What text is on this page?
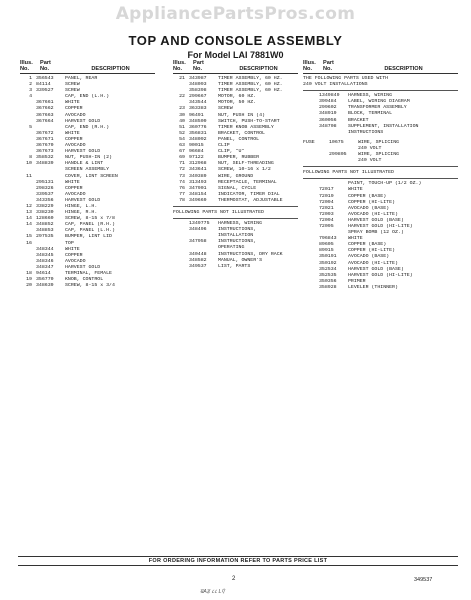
AppliancePartsPros.com
TOP AND CONSOLE ASSEMBLY
For Model LAI 7881W0
Illus.
No.
Part
No.
	DESCRIPTION
1 356543	PANEL, REAR
2 84114	SCREW
3 339527	SCREW
4	CAP, END (L.H.)
367661	WHITE
367662	COPPER
367663	AVOCADO
367664	HARVEST GOLD
5	CAP, END (R.H.)
367672	WHITE
367671	COPPER
367670	AVOCADO
367673	HARVEST GOLD
8 358532	NUT, PUSH-IN (2)
10 348839	HANDLE & LINT
SCREEN ASSEMBLY
11	COVER, LINT SCREEN
295131	WHITE
298326	COPPER
339537	AVOCADO
343356	HARVEST GOLD
12 338229	HINGE, L.H.
13 338230	HINGE, R.H.
14 128660	SCREW, 8-15 x 7/8
14 348852	CAP, PANEL (R.H.)
348853	CAP, PANEL (L.H.)
15 297535	BUMPER, LINT LID
16	TOP
348344	WHITE
348345	COPPER
348346	AVOCADO
348347	HARVEST GOLD
18 94614	TERMINAL, FEMALE
19 356770	KNOB, CONTROL
20 348639	SCREW, 8-15 x 3/4
Illus.
No.
Part
No.
	DESCRIPTION
21 343987	TIMER ASSEMBLY, 60 HZ.
348093	TIMER ASSEMBLY, 60 HZ.
358398	TIMER ASSEMBLY, 60 HZ.
22 299667	MOTOR, 60 HZ.
343544	MOTOR, 50 HZ.
23 363383	SCREW
30 96491	NUT, PUSH IN (4)
40 348509	SWITCH, PUSH-TO-START
51 360776	TIMER KNOB ASSEMBLY
52 356831	BRACKET, CONTROL
54 348092	PANEL, CONTROL
63 90015	CLIP
67 96684	CLIP, "U"
69 97122	BUMPER, RUBBER
71 312968	NUT, SELF-THREADING
72 343641	SCREW, 10-16 x 1/2
73 340389	WIRE, GROUND
74 313493	RECEPTACLE, TERMINAL
76 347901	SIGNAL, CYCLE
77 348154	INDICATOR, TIMER DIAL
78 349669	THERMOSTAT, ADJUSTABLE
FOLLOWING PARTS NOT ILLUSTRATED
1349775	HARNESS, WIRING
348496	INSTRUCTIONS,
INSTALLATION
347958	INSTRUCTIONS,
OPERATING
340448	INSTRUCTIONS, DRY RACK
348582	MANUAL, OWNER'S
349537	LIST, PARTS
Illus.
No.
Part
No.
	DESCRIPTION
THE FOLLOWING PARTS USED WITH
240 VOLT INSTALLATIONS
1349849	HARNESS, WIRING
399484	LABEL, WIRING DIAGRAM
299602	TRANSFORMER ASSEMBLY
348919	BLOCK, TERMINAL
360056	BRACKET
348708	SUPPLEMENT, INSTALLATION
INSTRUCTIONS
FUSE	10675	WIRE, SPLICING
240 VOLT
299805	WIRE, SPLICING
240 VOLT
FOLLOWING PARTS NOT ILLUSTRATED
PAINT, TOUCH-UP (1/2 OZ.)
72017	WHITE
72019	COPPER (BASE)
72094	COPPER (HI-LITE)
72021	AVOCADO (BASE)
72093	AVOCADO (HI-LITE)
72094	HARVEST GOLD (BASE)
72095	HARVEST GOLD (HI-LITE)
SPRAY BOMB (12 OZ.)
796843	WHITE
89605	COPPER (BASE)
89915	COPPER (HI-LITE)
350191	AVOCADO (BASE)
350192	AVOCADO (HI-LITE)
352534	HARVEST GOLD (BASE)
352535	HARVEST GOLD (HI-LITE)
350356	PRIMER
358928	LEVELER (THINNER)
FOR ORDERING INFORMATION REFER TO PARTS PRICE LIST
2	349537
ग्रAड़ ८८ Lएं
